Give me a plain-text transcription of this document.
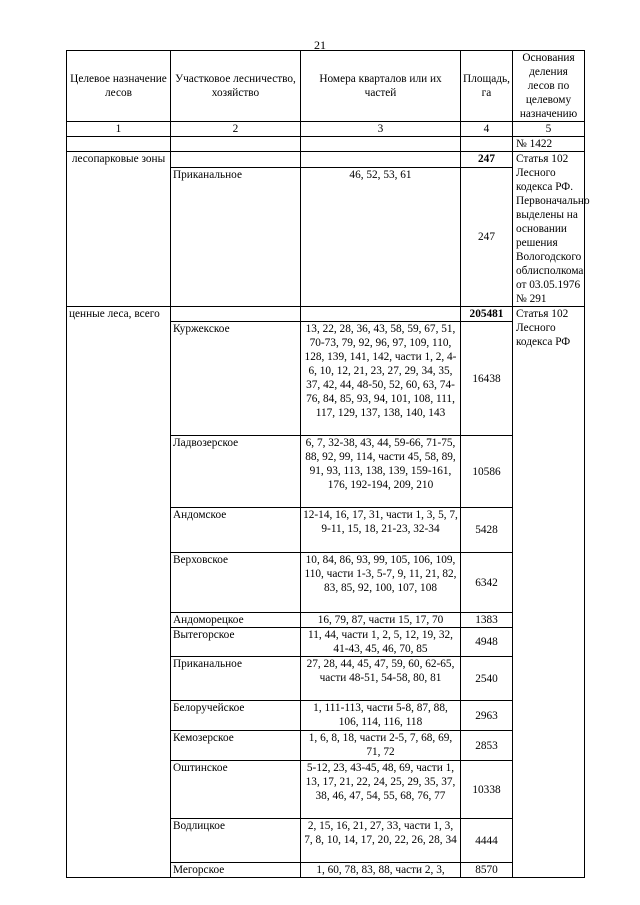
21
Целевое назначение лесов	Участковое лесничество, хозяйство	Номера кварталов или их частей	Площадь, га	Основания деления лесов по целевому назначению
1	2	3	4	5
				№ 1422
лесопарковые зоны			247	Статья 102 Лесного кодекса РФ. Первоначально выделены на основании решения Вологодского облисполкома от 03.05.1976 № 291
	Приканальное	46, 52, 53, 61	247	
ценные леса, всего			205481	Статья 102 Лесного кодекса РФ
	Куржекское	13, 22, 28, 36, 43, 58, 59, 67, 51, 70-73, 79, 92, 96, 97, 109, 110, 128, 139, 141, 142, части 1, 2, 4-6, 10, 12, 21, 23, 27, 29, 34, 35, 37, 42, 44, 48-50, 52, 60, 63, 74-76, 84, 85, 93, 94, 101, 108, 111, 117, 129, 137, 138, 140, 143	16438	
	Ладвозерское	6, 7, 32-38, 43, 44, 59-66, 71-75, 88, 92, 99, 114, части 45, 58, 89, 91, 93, 113, 138, 139, 159-161, 176, 192-194, 209, 210	10586	
	Андомское	12-14, 16, 17, 31, части 1, 3, 5, 7, 9-11, 15, 18, 21-23, 32-34	5428	
	Верховское	10, 84, 86, 93, 99, 105, 106, 109, 110, части 1-3, 5-7, 9, 11, 21, 82, 83, 85, 92, 100, 107, 108	6342	
	Андоморецкое	16, 79, 87, части 15, 17, 70	1383	
	Вытегорское	11, 44, части 1, 2, 5, 12, 19, 32, 41-43, 45, 46, 70, 85	4948	
	Приканальное	27, 28, 44, 45, 47, 59, 60, 62-65, части 48-51, 54-58, 80, 81	2540	
	Белоручейское	1, 111-113, части 5-8, 87, 88, 106, 114, 116, 118	2963	
	Кемозерское	1, 6, 8, 18, части 2-5, 7, 68, 69, 71, 72	2853	
	Оштинское	5-12, 23, 43-45, 48, 69, части 1, 13, 17, 21, 22, 24, 25, 29, 35, 37, 38, 46, 47, 54, 55, 68, 76, 77	10338	
	Водлицкое	2, 15, 16, 21, 27, 33, части 1, 3, 7, 8, 10, 14, 17, 20, 22, 26, 28, 34	4444	
	Мегорское	1, 60, 78, 83, 88, части 2, 3,	8570	
